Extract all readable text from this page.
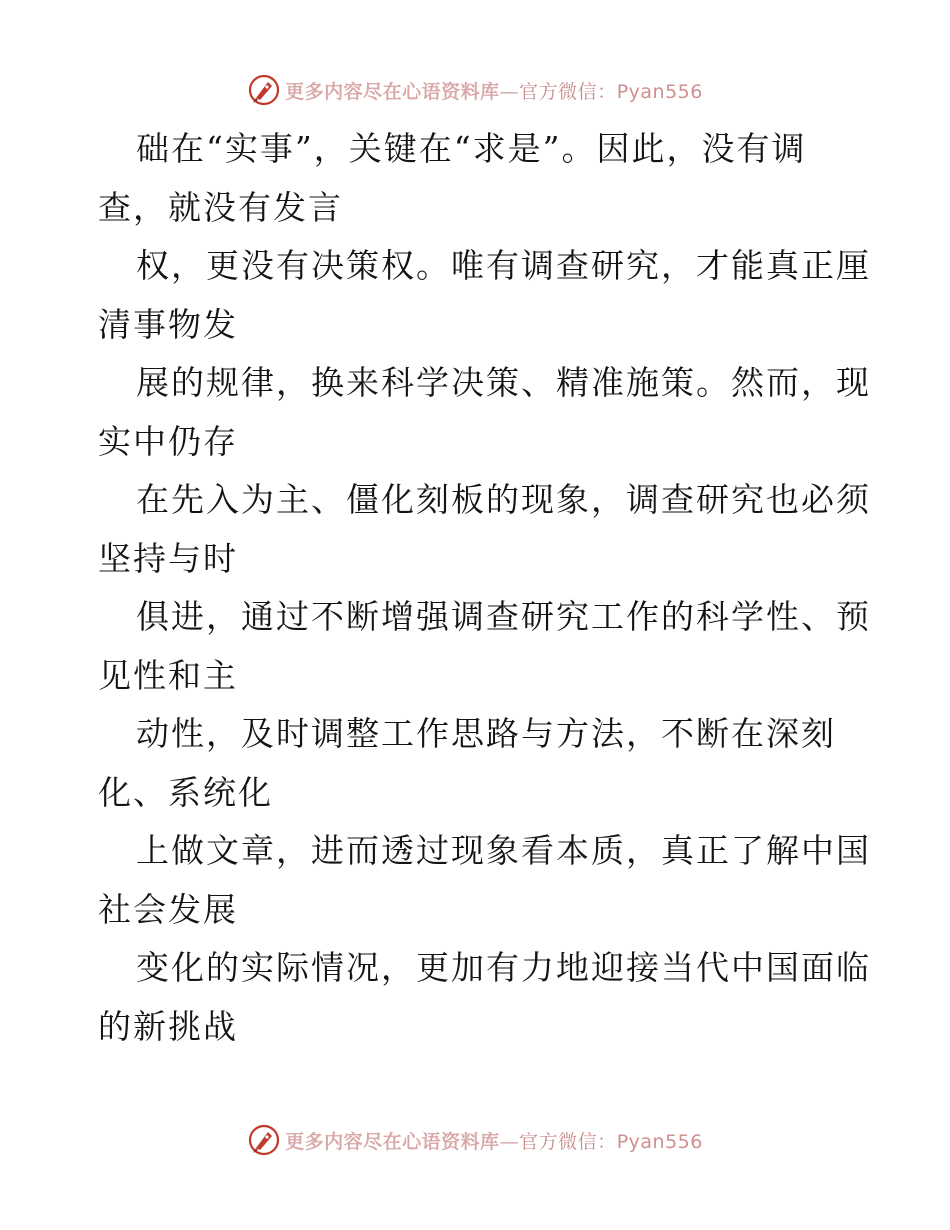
更多内容尽在心语资料库—官方微信：Pyan556

础在“实事”，关键在“求是”。因此，没有调

查，就没有发言

权，更没有决策权。唯有调查研究，才能真正厘

清事物发

展的规律，换来科学决策、精准施策。然而，现

实中仍存

在先入为主、僵化刻板的现象，调查研究也必须

坚持与时

俱进，通过不断增强调查研究工作的科学性、预

见性和主

动性，及时调整工作思路与方法，不断在深刻

化、系统化

上做文章，进而透过现象看本质，真正了解中国

社会发展

变化的实际情况，更加有力地迎接当代中国面临

的新挑战

更多内容尽在心语资料库—官方微信：Pyan556
